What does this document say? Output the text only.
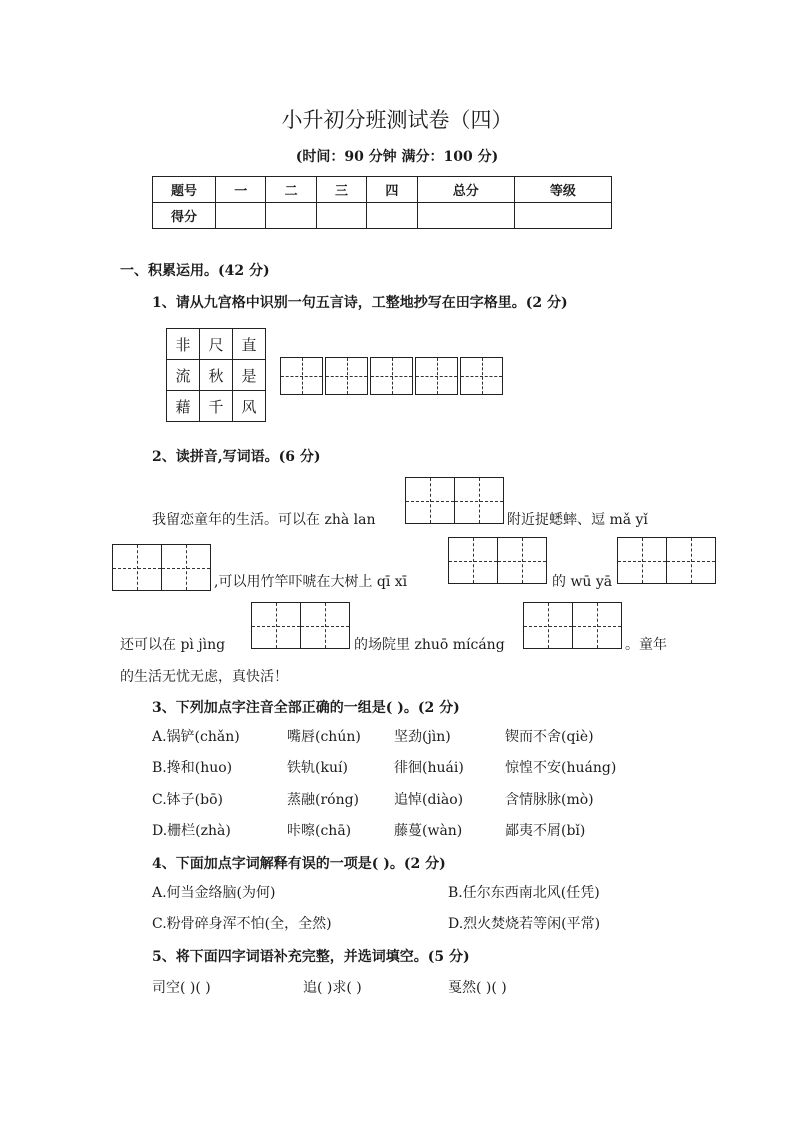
小升初分班测试卷（四）
(时间：90 分钟 满分：100 分)
题号	一	二	三	四	总分	等级
得分						
一、积累运用。(42 分)
1、请从九宫格中识别一句五言诗，工整地抄写在田字格里。(2 分)
非	尺	直
流	秋	是
藉	千	风
2、读拼音,写词语。(6 分)
我留恋童年的生活。可以在 zhà lan	附近捉蟋蟀、逗 mǎ yǐ
,可以用竹竿吓唬在大树上 qī xī	的 wū yā
还可以在 pì jìng	的场院里 zhuō mícáng	。童年
的生活无忧无虑，真快活！
3、下列加点字注音全部正确的一组是( )。(2 分)
A.锅铲(chǎn)	嘴唇(chún) 坚劲(jìn)	锲而不舍(qiè)
B.搀和(huo)	铁轨(kuí)	徘徊(huái)	惊惶不安(huáng)
C.钵子(bō)	蒸融(róng) 追悼(diào)	含情脉脉(mò)
D.栅栏(zhà)	咔嚓(chā)	藤蔓(wàn)	鄙夷不屑(bǐ)
4、下面加点字词解释有误的一项是( )。(2 分)
A.何当金络脑(为何)	B.任尔东西南北风(任凭)
C.粉骨碎身浑不怕(全，全然)	D.烈火焚烧若等闲(平常)
5、将下面四字词语补充完整，并选词填空。(5 分)
司空( )( )	追( )求( )	戛然( )( )
